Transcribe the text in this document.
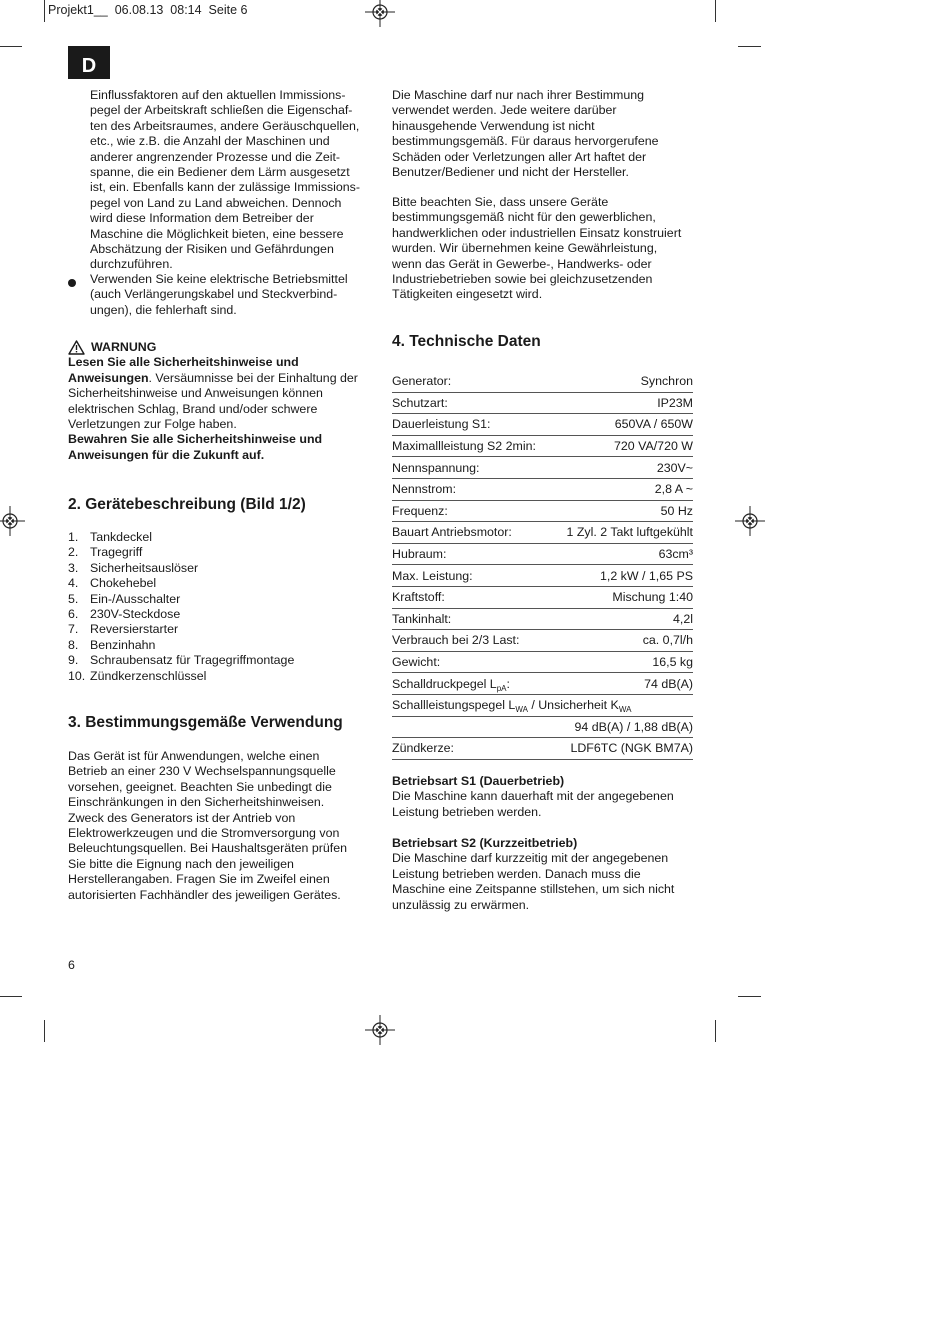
Projekt1__  06.08.13  08:14  Seite 6
D
Einflussfaktoren auf den aktuellen Immissions-
pegel der Arbeitskraft schließen die Eigenschaf-
ten des Arbeitsraumes, andere Geräuschquellen,
etc., wie z.B. die Anzahl der Maschinen und
anderer angrenzender Prozesse und die Zeit-
spanne, die ein Bediener dem Lärm ausgesetzt
ist, ein. Ebenfalls kann der zulässige Immissions-
pegel von Land zu Land abweichen. Dennoch
wird diese Information dem Betreiber der
Maschine die Möglichkeit bieten, eine bessere
Abschätzung der Risiken und Gefährdungen
durchzuführen.
Verwenden Sie keine elektrische Betriebsmittel
(auch Verlängerungskabel und Steckverbind-
ungen), die fehlerhaft sind.
WARNUNG
Lesen Sie alle Sicherheitshinweise und
Anweisungen. Versäumnisse bei der Einhaltung der
Sicherheitshinweise und Anweisungen können
elektrischen Schlag, Brand und/oder schwere
Verletzungen zur Folge haben.
Bewahren Sie alle Sicherheitshinweise und
Anweisungen für die Zukunft auf.
2. Gerätebeschreibung (Bild 1/2)
1. Tankdeckel
2. Tragegriff
3. Sicherheitsauslöser
4. Chokehebel
5. Ein-/Ausschalter
6. 230V-Steckdose
7. Reversierstarter
8. Benzinhahn
9. Schraubensatz für Tragegriffmontage
10. Zündkerzenschlüssel
3. Bestimmungsgemäße Verwendung
Das Gerät ist für Anwendungen, welche einen
Betrieb an einer 230 V Wechselspannungsquelle
vorsehen, geeignet. Beachten Sie unbedingt die
Einschränkungen in den Sicherheitshinweisen.
Zweck des Generators ist der Antrieb von
Elektrowerkzeugen und die Stromversorgung von
Beleuchtungsquellen. Bei Haushaltsgeräten prüfen
Sie bitte die Eignung nach den jeweiligen
Herstellerangaben. Fragen Sie im Zweifel einen
autorisierten Fachhändler des jeweiligen Gerätes.
6
Die Maschine darf nur nach ihrer Bestimmung
verwendet werden. Jede weitere darüber
hinausgehende Verwendung ist nicht
bestimmungsgemäß. Für daraus hervorgerufene
Schäden oder Verletzungen aller Art haftet der
Benutzer/Bediener und nicht der Hersteller.
Bitte beachten Sie, dass unsere Geräte
bestimmungsgemäß nicht für den gewerblichen,
handwerklichen oder industriellen Einsatz konstruiert
wurden. Wir übernehmen keine Gewährleistung,
wenn das Gerät in Gewerbe-, Handwerks- oder
Industriebetrieben sowie bei gleichzusetzenden
Tätigkeiten eingesetzt wird.
4. Technische Daten
Generator:	Synchron
Schutzart:	IP23M
Dauerleistung S1:	650VA / 650W
Maximallleistung S2 2min:	720 VA/720 W
Nennspannung:	230V~
Nennstrom:	2,8 A ~
Frequenz:	50 Hz
Bauart Antriebsmotor:	1 Zyl. 2 Takt luftgekühlt
Hubraum:	63cm³
Max. Leistung:	1,2 kW / 1,65 PS
Kraftstoff:	Mischung 1:40
Tankinhalt:	4,2l
Verbrauch bei 2/3 Last:	ca. 0,7l/h
Gewicht:	16,5 kg
Schalldruckpegel $L_{pA}$:	74 dB(A)
Schallleistungspegel $L_{WA}$ / Unsicherheit $K_{WA}$
	94 dB(A) / 1,88 dB(A)
Zündkerze:	LDF6TC (NGK BM7A)
Betriebsart S1 (Dauerbetrieb)
Die Maschine kann dauerhaft mit der angegebenen
Leistung betrieben werden.
Betriebsart S2 (Kurzzeitbetrieb)
Die Maschine darf kurzzeitig mit der angegebenen
Leistung betrieben werden. Danach muss die
Maschine eine Zeitspanne stillstehen, um sich nicht
unzulässig zu erwärmen.
